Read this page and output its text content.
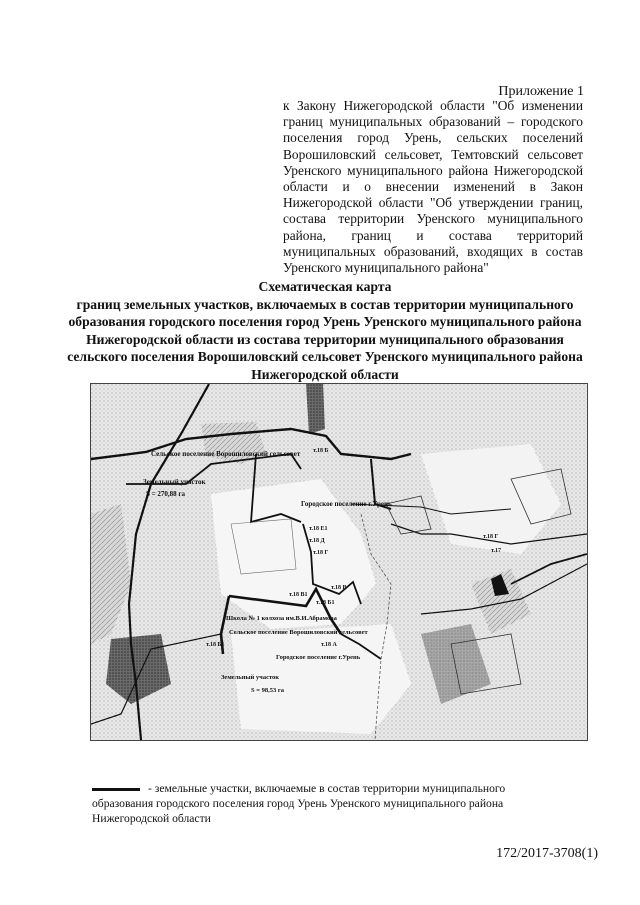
Приложение 1
к Закону Нижегородской области "Об изменении границ муниципальных образований – городского поселения город Урень, сельских поселений Ворошиловский сельсовет, Темтовский сельсовет Уренского муниципального района Нижегородской области и о внесении изменений в Закон Нижегородской области "Об утверждении границ, состава территории Уренского муниципального района, границ и состава территорий муниципальных образований, входящих в состав Уренского муниципального района"
Схематическая карта
границ земельных участков, включаемых в состав территории муниципального
образования городского поселения город Урень Уренского муниципального района
Нижегородской области из состава территории муниципального образования
сельского поселения Ворошиловский сельсовет Уренского муниципального района
Нижегородской области
Сельское поселение Ворошиловский сельсовет
Земельный участок
S = 270,88 га
Городское поселение г.Урень
Школа № 1 колхоза им.В.И.Абрамова
Сельское поселение Ворошиловский сельсовет
Городское поселение г.Урень
Земельный участок
S = 98,53 га
т.18 Б
т.18 Е1
т.18 Д
т.18 Г
т.18 В
т.18 В1
т.18 Б1
т.18 А
т.18 Б1
т.18 Г
т.17
- земельные участки, включаемые в состав территории муниципального образования городского поселения город Урень Уренского муниципального района Нижегородской области
172/2017-3708(1)
